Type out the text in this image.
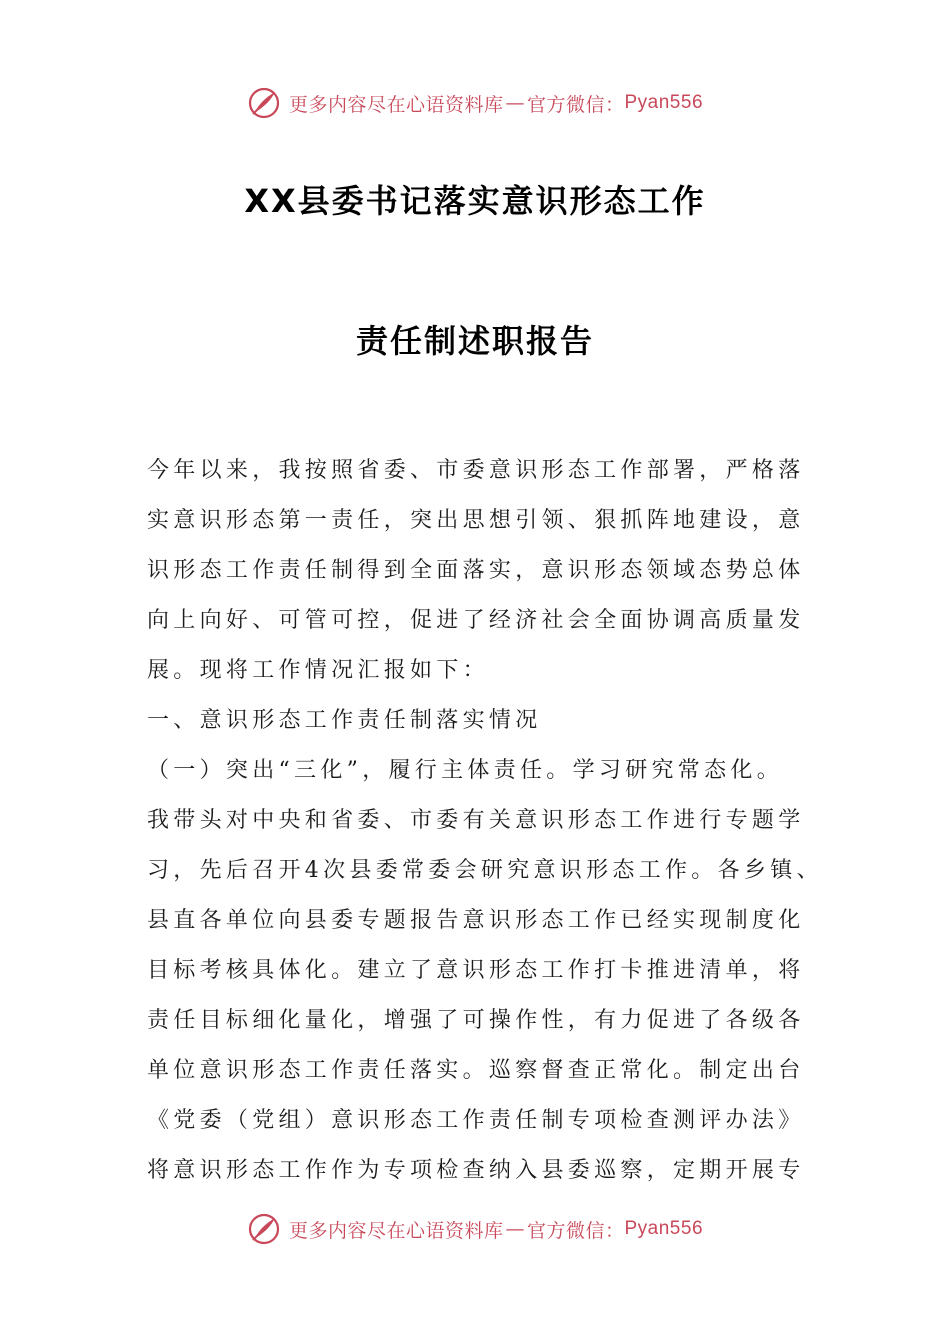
更多内容尽在心语资料库 — 官方微信： Pyan556
XX县委书记落实意识形态工作
责任制述职报告
今年以来，我按照省委、市委意识形态工作部署，严格落
实意识形态第一责任，突出思想引领、狠抓阵地建设，意
识形态工作责任制得到全面落实，意识形态领域态势总体
向上向好、可管可控，促进了经济社会全面协调高质量发
展。现将工作情况汇报如下：
一、意识形态工作责任制落实情况
（一）突出“三化”，履行主体责任。学习研究常态化。
我带头对中央和省委、市委有关意识形态工作进行专题学
习，先后召开4次县委常委会研究意识形态工作。各乡镇、
县直各单位向县委专题报告意识形态工作已经实现制度化
目标考核具体化。建立了意识形态工作打卡推进清单，将
责任目标细化量化，增强了可操作性，有力促进了各级各
单位意识形态工作责任落实。巡察督查正常化。制定出台
《党委（党组）意识形态工作责任制专项检查测评办法》
将意识形态工作作为专项检查纳入县委巡察，定期开展专
更多内容尽在心语资料库 — 官方微信： Pyan556
